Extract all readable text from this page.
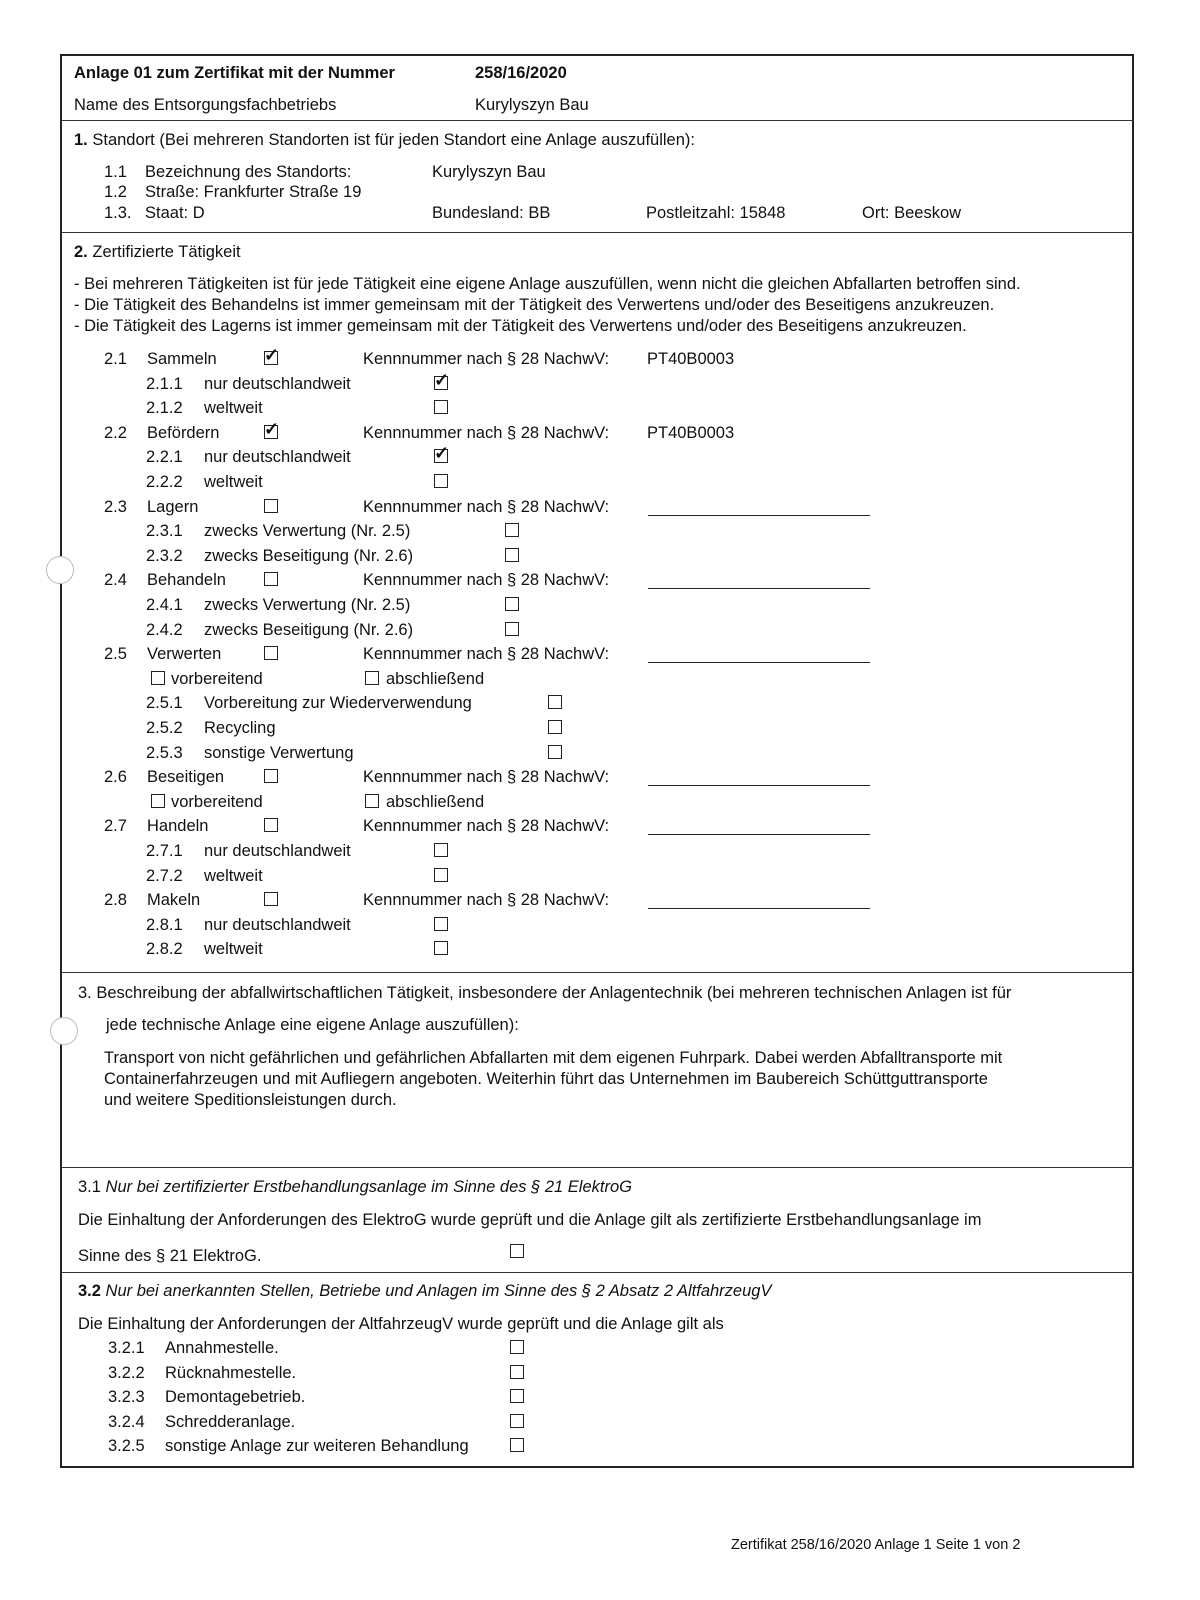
Anlage 01 zum Zertifikat mit der Nummer	258/16/2020
Name des Entsorgungsfachbetriebs	Kurylyszyn Bau
1. Standort (Bei mehreren Standorten ist für jeden Standort eine Anlage auszufüllen):
1.1 Bezeichnung des Standorts:	Kurylyszyn Bau
1.2 Straße: Frankfurter Straße 19
1.3. Staat: D	Bundesland: BB	Postleitzahl: 15848	Ort: Beeskow
2. Zertifizierte Tätigkeit
- Bei mehreren Tätigkeiten ist für jede Tätigkeit eine eigene Anlage auszufüllen, wenn nicht die gleichen Abfallarten betroffen sind.
- Die Tätigkeit des Behandelns ist immer gemeinsam mit der Tätigkeit des Verwertens und/oder des Beseitigens anzukreuzen.
- Die Tätigkeit des Lagerns ist immer gemeinsam mit der Tätigkeit des Verwertens und/oder des Beseitigens anzukreuzen.
2.1 Sammeln	✓	Kennnummer nach § 28 NachwV: PT40B0003
2.1.1 nur deutschlandweit	✓
2.1.2 weltweit
2.2 Befördern ✓	Kennnummer nach § 28 NachwV: PT40B0003
2.2.1 nur deutschlandweit	✓
2.2.2 weltweit
2.3 Lagern	Kennnummer nach § 28 NachwV:
2.3.1 zwecks Verwertung (Nr. 2.5)
2.3.2 zwecks Beseitigung (Nr. 2.6)
2.4 Behandeln	Kennnummer nach § 28 NachwV:
2.4.1 zwecks Verwertung (Nr. 2.5)
2.4.2 zwecks Beseitigung (Nr. 2.6)
2.5 Verwerten	Kennnummer nach § 28 NachwV:
vorbereitend	abschließend
2.5.1 Vorbereitung zur Wiederverwendung
2.5.2 Recycling
2.5.3 sonstige Verwertung
2.6 Beseitigen	Kennnummer nach § 28 NachwV:
vorbereitend	abschließend
2.7 Handeln	Kennnummer nach § 28 NachwV:
2.7.1 nur deutschlandweit
2.7.2 weltweit
2.8 Makeln	Kennnummer nach § 28 NachwV:
2.8.1 nur deutschlandweit
2.8.2 weltweit
3. Beschreibung der abfallwirtschaftlichen Tätigkeit, insbesondere der Anlagentechnik (bei mehreren technischen Anlagen ist für
jede technische Anlage eine eigene Anlage auszufüllen):
Transport von nicht gefährlichen und gefährlichen Abfallarten mit dem eigenen Fuhrpark. Dabei werden Abfalltransporte mit
Containerfahrzeugen und mit Aufliegern angeboten. Weiterhin führt das Unternehmen im Baubereich Schüttguttransporte
und weitere Speditionsleistungen durch.
3.1 Nur bei zertifizierter Erstbehandlungsanlage im Sinne des § 21 ElektroG
Die Einhaltung der Anforderungen des ElektroG wurde geprüft und die Anlage gilt als zertifizierte Erstbehandlungsanlage im
Sinne des § 21 ElektroG.
3.2 Nur bei anerkannten Stellen, Betriebe und Anlagen im Sinne des § 2 Absatz 2 AltfahrzeugV
Die Einhaltung der Anforderungen der AltfahrzeugV wurde geprüft und die Anlage gilt als
3.2.1 Annahmestelle.
3.2.2 Rücknahmestelle.
3.2.3 Demontagebetrieb.
3.2.4 Schredderanlage.
3.2.5 sonstige Anlage zur weiteren Behandlung
Zertifikat 258/16/2020 Anlage 1 Seite 1 von 2
